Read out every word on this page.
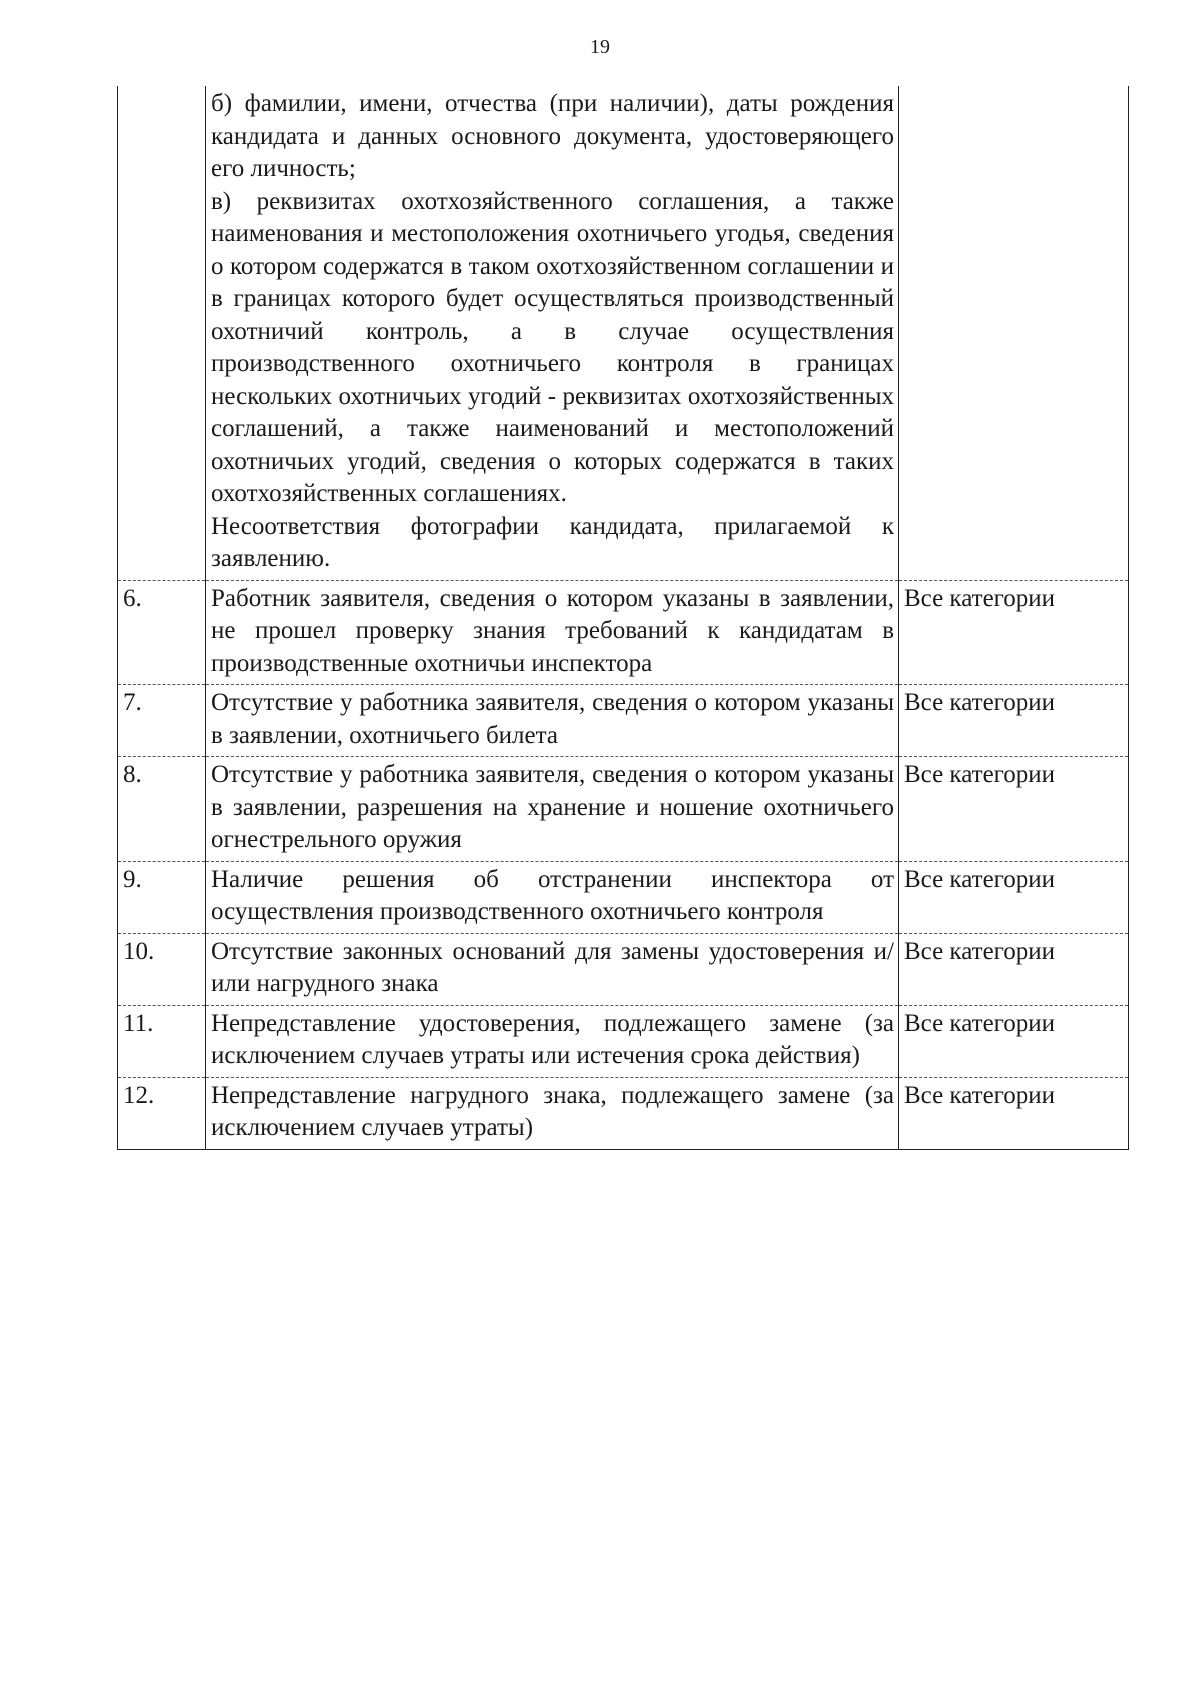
19

	б) фамилии, имени, отчества (при наличии), даты рождения кандидата и данных основного документа, удостоверяющего его личность;

в) реквизитах охотхозяйственного соглашения, а также наименования и местоположения охотничьего угодья, сведения о котором содержатся в таком охотхозяйственном соглашении и в границах которого будет осуществляться производственный охотничий контроль, а в случае осуществления производственного охотничьего контроля в границах нескольких охотничьих угодий - реквизитах охотхозяйственных соглашений, а также наименований и местоположений охотничьих угодий, сведения о которых содержатся в таких охотхозяйственных соглашениях.

Несоответствия фотографии кандидата, прилагаемой к заявлению.	

6.	Работник заявителя, сведения о котором указаны в заявлении, не прошел проверку знания требований к кандидатам в производственные охотничьи инспектора	Все категории
7.	Отсутствие у работника заявителя, сведения о котором указаны в заявлении, охотничьего билета	Все категории
8.	Отсутствие у работника заявителя, сведения о котором указаны в заявлении, разрешения на хранение и ношение охотничьего огнестрельного оружия	Все категории
9.	Наличие решения об отстранении инспектора от осуществления производственного охотничьего контроля	Все категории
10.	Отсутствие законных оснований для замены удостоверения и/или нагрудного знака	Все категории
11.	Непредставление удостоверения, подлежащего замене (за исключением случаев утраты или истечения срока действия)	Все категории
12.	Непредставление нагрудного знака, подлежащего замене (за исключением случаев утраты)	Все категории
